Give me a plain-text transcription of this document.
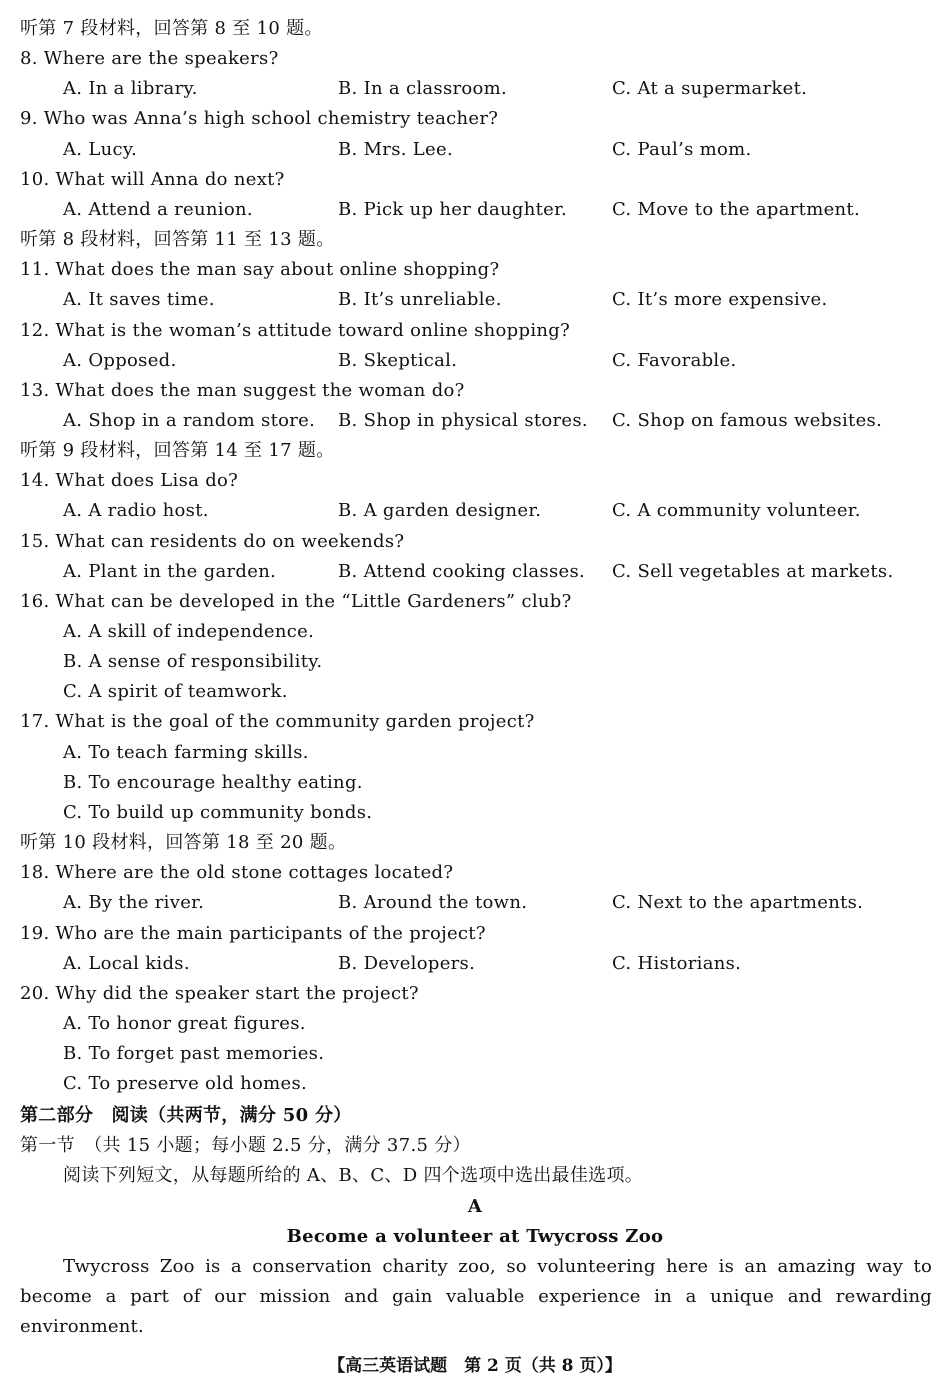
听第 7 段材料，回答第 8 至 10 题。
8. Where are the speakers?
A. In a library.	B. In a classroom.	C. At a supermarket.
9. Who was Anna’s high school chemistry teacher?
A. Lucy.	B. Mrs. Lee.	C. Paul’s mom.
10. What will Anna do next?
A. Attend a reunion.	B. Pick up her daughter. C. Move to the apartment.
听第 8 段材料，回答第 11 至 13 题。
11. What does the man say about online shopping?
A. It saves time.	B. It’s unreliable.	C. It’s more expensive.
12. What is the woman’s attitude toward online shopping?
A. Opposed.	B. Skeptical.	C. Favorable.
13. What does the man suggest the woman do?
A. Shop in a random store. B. Shop in physical stores. C. Shop on famous websites.
听第 9 段材料，回答第 14 至 17 题。
14. What does Lisa do?
A. A radio host.	B. A garden designer.	C. A community volunteer.
15. What can residents do on weekends?
A. Plant in the garden.	B. Attend cooking classes. C. Sell vegetables at markets.
16. What can be developed in the “Little Gardeners” club?
A. A skill of independence.
B. A sense of responsibility.
C. A spirit of teamwork.
17. What is the goal of the community garden project?
A. To teach farming skills.
B. To encourage healthy eating.
C. To build up community bonds.
听第 10 段材料，回答第 18 至 20 题。
18. Where are the old stone cottages located?
A. By the river.	B. Around the town.	C. Next to the apartments.
19. Who are the main participants of the project?
A. Local kids.	B. Developers.	C. Historians.
20. Why did the speaker start the project?
A. To honor great figures.
B. To forget past memories.
C. To preserve old homes.
第二部分　阅读（共两节，满分 50 分）
第一节　（共 15 小题；每小题 2.5 分，满分 37.5 分）
阅读下列短文，从每题所给的 A、B、C、D 四个选项中选出最佳选项。
A
Become a volunteer at Twycross Zoo
Twycross Zoo is a conservation charity zoo, so volunteering here is an amazing way to become a part of our mission and gain valuable experience in a unique and rewarding environment.
【高三英语试题　第 2 页（共 8 页）】
